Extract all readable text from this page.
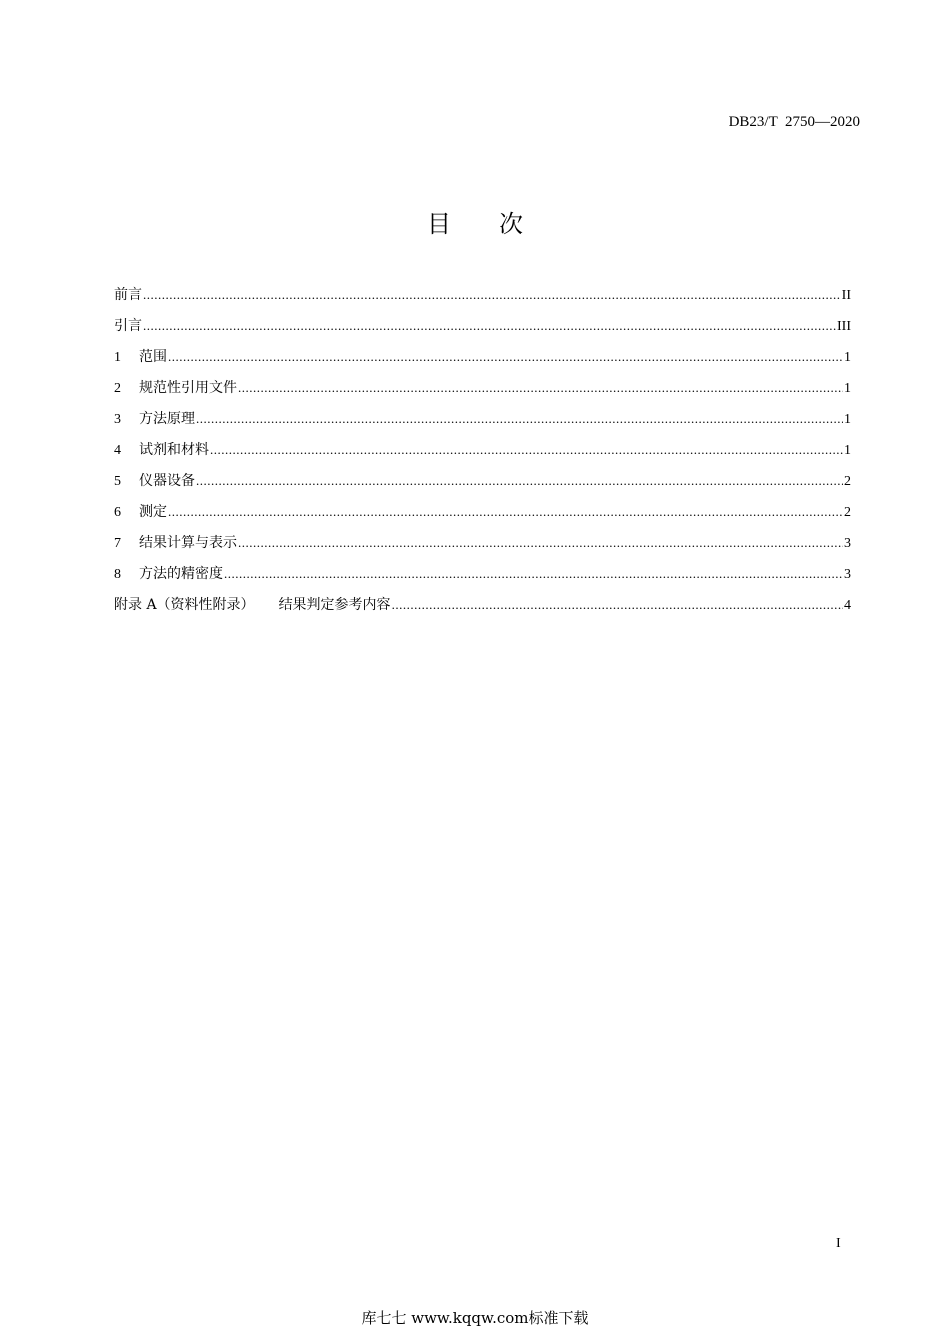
DB23/T  2750—2020
目 次
前言 .....	II
引言 .....	III
1	范围 .....	1
2	规范性引用文件 .....	1
3	方法原理 .....	1
4	试剂和材料 .....	1
5	仪器设备 .....	2
6	测定 .....	2
7	结果计算与表示 .....	3
8	方法的精密度 .....	3
附录 A（资料性附录） 结果判定参考内容 .....	4
I
库七七 www.kqqw.com标准下载
